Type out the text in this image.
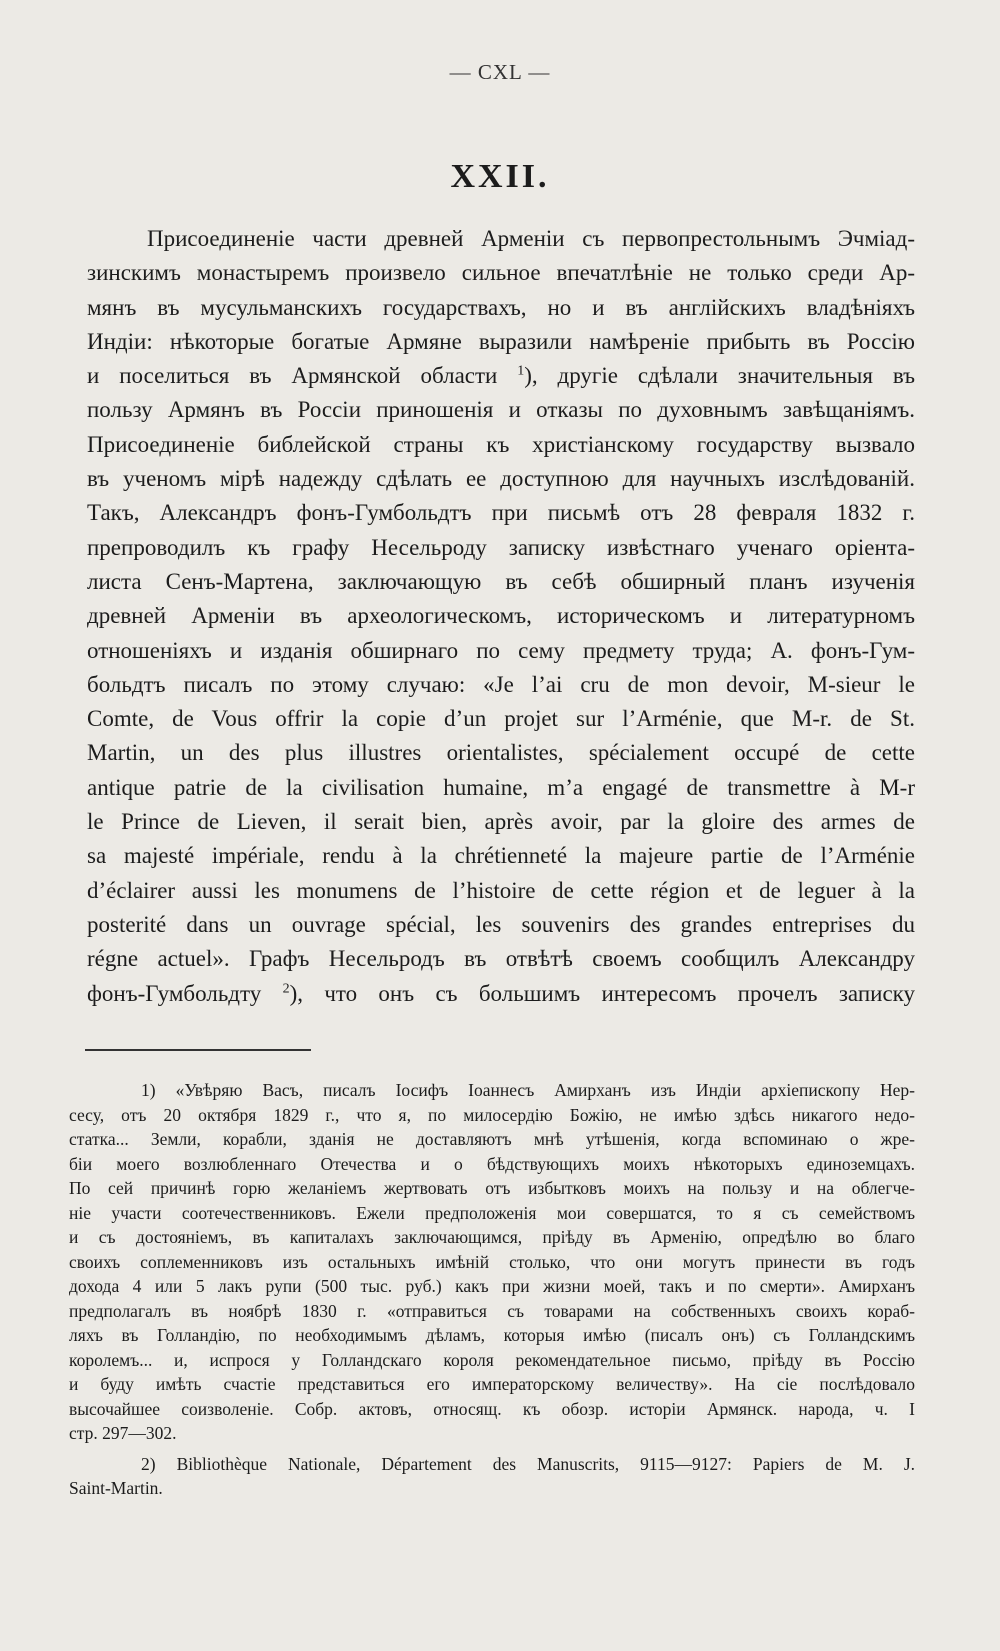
— CXL —
XXII.
Присоединенiе части древней Арменiи съ первопрестольнымъ Эчмiад-
зинскимъ монастыремъ произвело сильное впечатлѣнiе не только среди Ар-
мянъ въ мусульманскихъ государствахъ, но и въ англiйскихъ владѣнiяхъ
Индiи: нѣкоторые богатые Армяне выразили намѣренiе прибыть въ Россiю
и поселиться въ Армянской области $^1$), другiе сдѣлали значительныя въ
пользу Армянъ въ Россiи приношенiя и отказы по духовнымъ завѣщанiямъ.
Присоединенiе библейской страны къ христiанскому государству вызвало
въ ученомъ мiрѣ надежду сдѣлать ее доступною для научныхъ изслѣдованiй.
Такъ, Александръ фонъ-Гумбольдтъ при письмѣ отъ 28 февраля 1832 г.
препроводилъ къ графу Несельроду записку извѣстнаго ученаго орiента-
листа Сенъ-Мартена, заключающую въ себѣ обширный планъ изученiя
древней Арменiи въ археологическомъ, историческомъ и литературномъ
отношенiяхъ и изданiя обширнаго по сему предмету труда; А. фонъ-Гум-
больдтъ писалъ по этому случаю: «Je l’ai cru de mon devoir, M-sieur le
Comte, de Vous offrir la copie d’un projet sur l’Arménie, que M-r. de St.
Martin, un des plus illustres orientalistes, spécialement occupé de cette
antique patrie de la civilisation humaine, m’a engagé de transmettre à M-r
le Prince de Lieven, il serait bien, après avoir, par la gloire des armes de
sa majesté impériale, rendu à la chrétienneté la majeure partie de l’Arménie
d’éclairer aussi les monumens de l’histoire de cette région et de leguer à la
posterité dans un ouvrage spécial, les souvenirs des grandes entreprises du
régne actuel». Графъ Несельродъ въ отвѣтѣ своемъ сообщилъ Александру
фонъ-Гумбольдту $^2$), что онъ съ большимъ интересомъ прочелъ записку
1) «Увѣряю Васъ, писалъ Iосифъ Iоаннесъ Амирханъ изъ Индiи архiепископу Нер-
сесу, отъ 20 октября 1829 г., что я, по милосердiю Божiю, не имѣю здѣсь никагого недо-
статка... Земли, корабли, зданiя не доставляютъ мнѣ утѣшенiя, когда вспоминаю о жре-
бiи моего возлюбленнаго Отечества и о бѣдствующихъ моихъ нѣкоторыхъ единоземцахъ.
По сей причинѣ горю желанiемъ жертвовать отъ избытковъ моихъ на пользу и на облегче-
нiе участи соотечественниковъ. Ежели предположенiя мои совершатся, то я съ семействомъ
и съ достоянiемъ, въ капиталахъ заключающимся, прiѣду въ Арменiю, опредѣлю во благо
своихъ соплеменниковъ изъ остальныхъ имѣнiй столько, что они могутъ принести въ годъ
дохода 4 или 5 лакъ рупи (500 тыс. руб.) какъ при жизни моей, такъ и по смерти». Амирханъ
предполагалъ въ ноябрѣ 1830 г. «отправиться съ товарами на собственныхъ своихъ кораб-
ляхъ въ Голландiю, по необходимымъ дѣламъ, которыя имѣю (писалъ онъ) съ Голландскимъ
королемъ... и, испрося у Голландскаго короля рекомендательное письмо, прiѣду въ Россiю
и буду имѣть счастiе представиться его императорскому величеству». На сiе послѣдовало
высочайшее соизволенiе. Собр. актовъ, относящ. къ обозр. исторiи Армянск. народа, ч. I
стр. 297—302.
2) Bibliothèque Nationale, Département des Manuscrits, 9115—9127: Papiers de M. J.
Saint-Martin.
